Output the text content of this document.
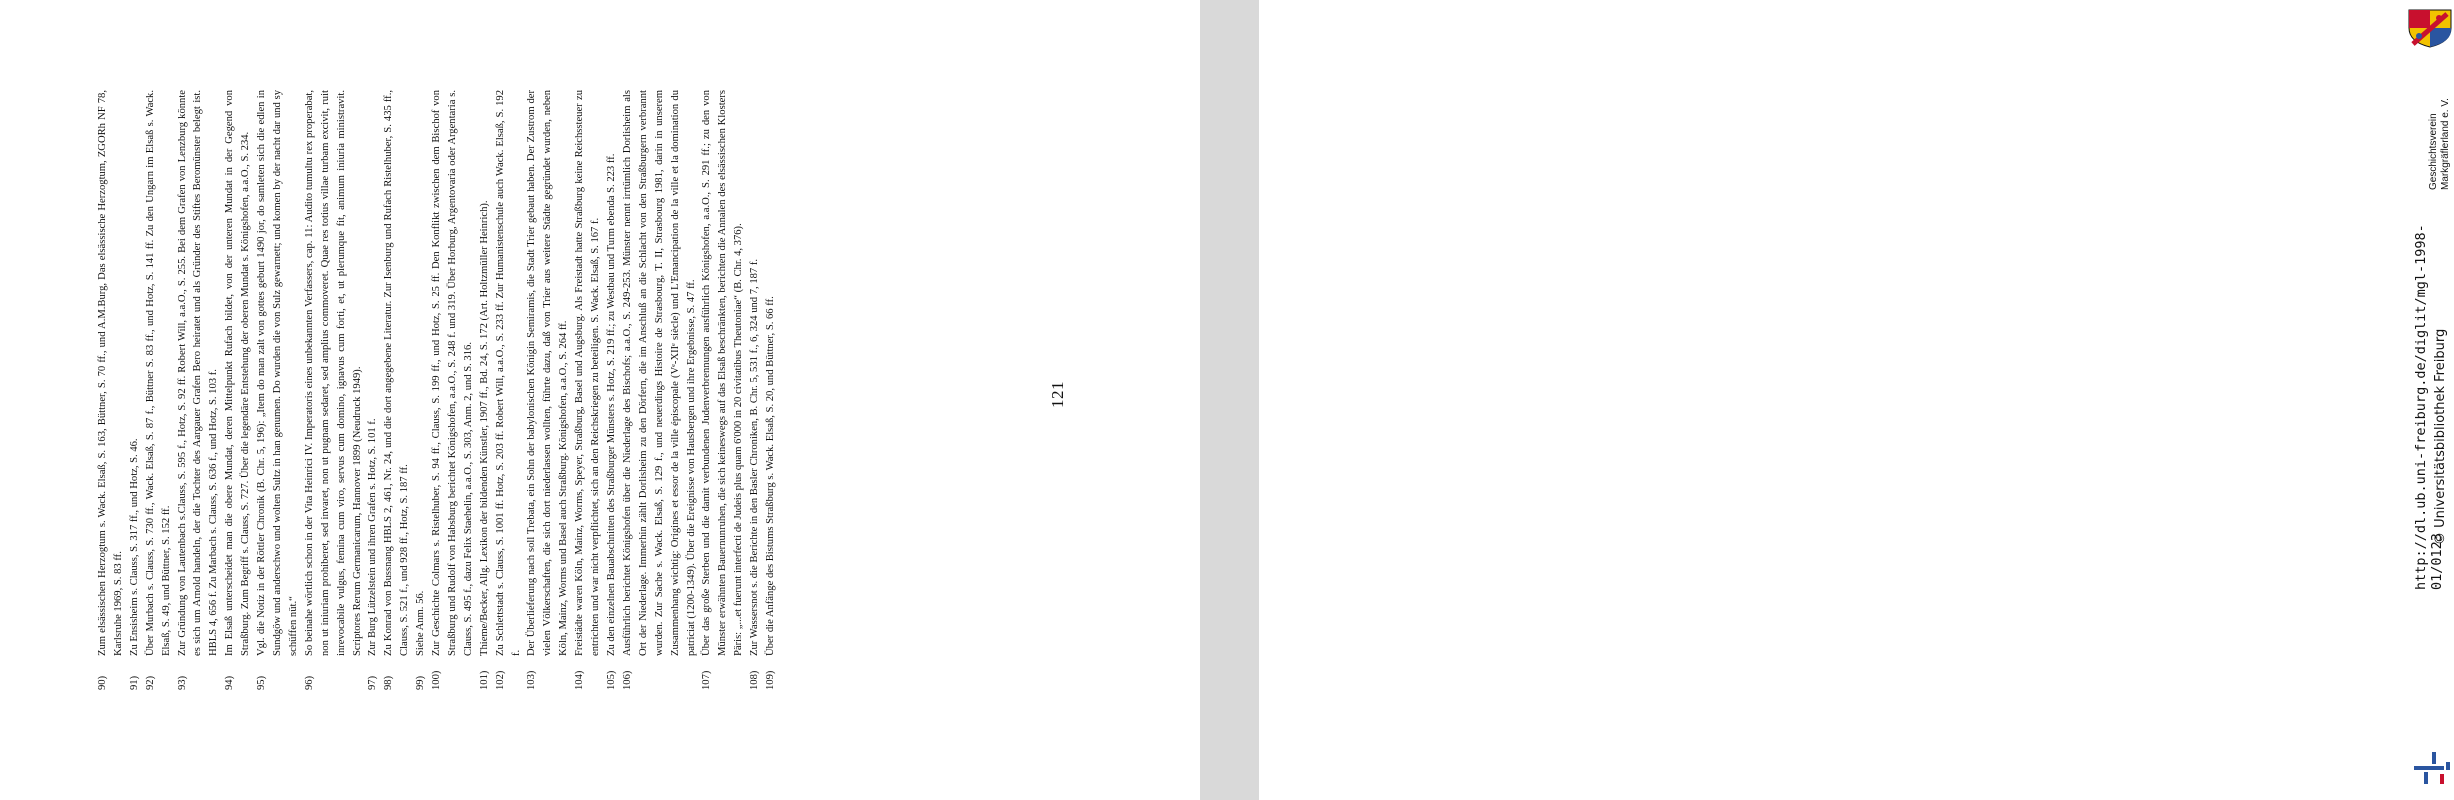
90)
Zum elsässischen Herzogtum s. Wack. Elsaß, S. 163, Büttner, S. 70 ff., und A.M.Burg, Das elsässische Herzogtum, ZGORh NF 78, Karlsruhe 1969, S. 83 ff.

91)
Zu Ensisheim s. Clauss, S. 317 ff., und Hotz, S. 46.

92)
Über Murbach s. Clauss, S. 730 ff., Wack. Elsaß, S. 87 f., Büttner S. 83 ff., und Hotz, S. 141 ff. Zu den Ungarn im Elsaß s. Wack. Elsaß, S. 49, und Büttner, S. 152 ff.

93)
Zur Gründung von Lautenbach s.Clauss, S. 595 f., Hotz, S. 92 ff. Robert Will, a.a.O., S. 255. Bei dem Grafen von Lenzburg könnte es sich um Arnold handeln, der die Tochter des Aargauer Grafen Bero heiratet und als Gründer des Stiftes Beromünster belegt ist. HBLS 4, 656 f. Zu Marbach s. Clauss, S. 636 f., und Hotz, S. 103 f.

94)
Im Elsaß unterscheidet man die obere Mundat, deren Mittelpunkt Rufach bildet, von der unteren Mundat in der Gegend von Straßburg. Zum Begriff s. Clauss, S. 727. Über die legendäre Entstehung der oberen Mundat s. Königshofen, a.a.O., S. 234.

95)
Vgl. die Notiz in der Röttler Chronik (B. Chr. 5, 196): „Item do man zalt von gottes geburt 1490 jor, do samleten sich die edlen in Sundgöw und anderschwo und wolten Sultz in han genumen. Do wurden die von Sulz gewarnett; und komen by der nacht dar und sy schüffen nüt.“

96)
So beinahe wörtlich schon in der Vita Heinrici IV. Imperatoris eines unbekannten Verfassers, cap. 11: Audito tumultu rex properabat, non ut iniuriam prohiberet, sed invaret, non ut pugnam sedaret, sed amplius commoveret. Quae res totius villae turbam excivit, ruit inrevocabile vulgus, femina cum viro, servus cum domino, ignavus cum forti, et, ut plerumque fit, animum iniuria ministravit. Scriptores Rerum Germanicarum, Hannover 1899 (Neudruck 1949).

97)
Zur Burg Lützelstein und ihren Grafen s. Hotz, S. 101 f.

98)
Zu Konrad von Bussnang HBLS 2, 461, Nr. 24, und die dort angegebene Literatur. Zur Isenburg und Rufach Ristelhuber, S. 435 ff., Clauss, S. 521 f., und 928 ff., Hotz, S. 187 ff.

99)
Siehe Anm. 56.

100)
Zur Geschichte Colmars s. Ristelhuber, S. 94 ff., Clauss, S. 199 ff., und Hotz, S. 25 ff. Den Konflikt zwischen dem Bischof von Straßburg und Rudolf von Habsburg berichtet Königshofen, a.a.O., S. 248 f. und 319. Über Horburg, Argentovaria oder Argentaria s. Clauss, S. 495 f., dazu Felix Staehelin, a.a.O., S. 303, Anm. 2, und S. 316.

101)
Thieme/Becker, Allg. Lexikon der bildenden Künstler, 1907 ff., Bd. 24, S. 172 (Art. Holtzmüller Heinrich).

102)
Zu Schlettstadt s. Clauss, S. 1001 ff. Hotz, S. 203 ff. Robert Will, a.a.O., S. 233 ff. Zur Humanistenschule auch Wack. Elsaß, S. 192 f.

103)
Der Überlieferung nach soll Trebata, ein Sohn der babylonischen Königin Semiramis, die Stadt Trier gebaut haben. Der Zustrom der vielen Völkerschaften, die sich dort niederlassen wollten, führte dazu, daß von Trier aus weitere Städte gegründet wurden, neben Köln, Mainz, Worms und Basel auch Straßburg. Königshofen, a.a.O., S. 264 ff.

104)
Freistädte waren Köln, Mainz, Worms, Speyer, Straßburg, Basel und Augsburg. Als Freistadt hatte Straßburg keine Reichssteuer zu entrichten und war nicht verpflichtet, sich an den Reichskriegen zu beteiligen. S. Wack. Elsaß, S. 167 f.

105)
Zu den einzelnen Bauabschnitten des Straßburger Münsters s. Hotz, S. 219 ff.; zu Westbau und Turm ebenda S. 223 ff.

106)
Ausführlich berichtet Königshofen über die Niederlage des Bischofs; a.a.O., S. 249-253. Münster nennt irrtümlich Dorlisheim als Ort der Niederlage. Immerhin zählt Dorlisheim zu den Dörfern, die im Anschluß an die Schlacht von den Straßburgern verbrannt wurden. Zur Sache s. Wack. Elsaß, S. 129 f., und neuerdings Histoire de Strasbourg, T. II, Strasbourg 1981, darin in unserem Zusammenhang wichtig: Origines et essor de la ville épiscopale (Vᵉ-XIIᵉ siècle) und L'Emancipation de la ville et la domination du patriciat (1200-1349). Über die Ereignisse von Hausbergen und ihre Ergebnisse, S. 47 ff.

107)
Über das große Sterben und die damit verbundenen Judenverbrennungen ausführlich Königshofen, a.a.O., S. 291 ff.; zu den von Münster erwähnten Bauernunruhen, die sich keineswegs auf das Elsaß beschränkten, berichten die Annalen des elsässischen Klosters Päris: „...et fuerunt interfecti de Judeis plus quam 6'000 in 20 civitatibus Theutoniae“ (B. Chr. 4, 376).

108)
Zur Wassersnot s. die Berichte in den Basler Chroniken, B. Chr. 5, 531 f., 6, 324 und 7, 187 f.

109)
Über die Anfänge des Bistums Straßburg s. Wack. Elsaß, S. 20, und Büttner, S. 66 ff.	121
Geschichtsverein Markgräflerland e. V.
http://dl.ub.uni-freiburg.de/diglit/mgl-1998-01/0123
© Universitätsbibliothek Freiburg
